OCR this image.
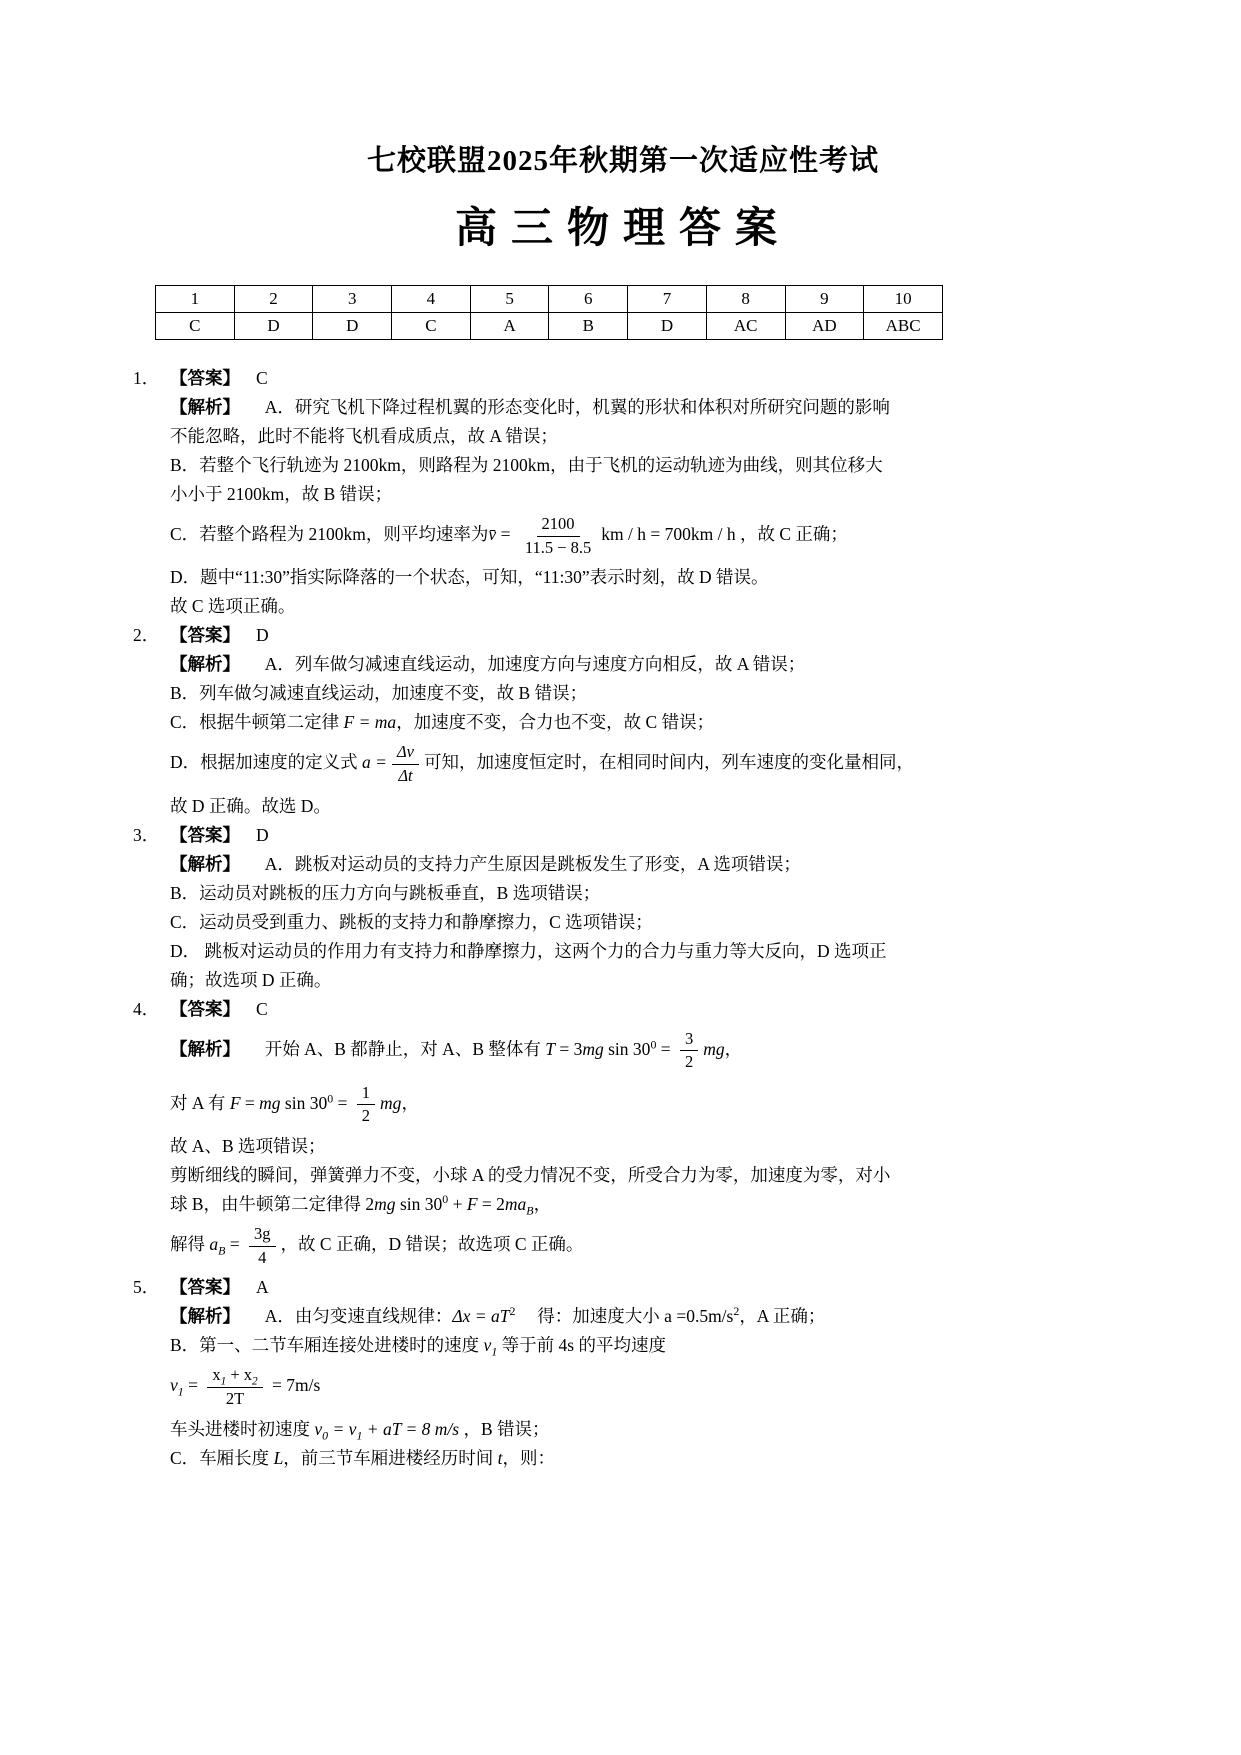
七校联盟2025年秋期第一次适应性考试
高三物理答案
1	2	3	4	5	6	7	8	9	10
C	D	D	C	A	B	D	AC	AD	ABC
1． 【答案】 C
【解析】　A．研究飞机下降过程机翼的形态变化时，机翼的形状和体积对所研究问题的影响
不能忽略，此时不能将飞机看成质点，故 A 错误；
B．若整个飞行轨迹为 2100km，则路程为 2100km，由于飞机的运动轨迹为曲线，则其位移大
小小于 2100km，故 B 错误；
C．若整个路程为 2100km，则平均速率为v̄ = $\frac{2100}{11.5 - 8.5}$ km / h = 700km / h ，故 C 正确；
D．题中“11:30”指实际降落的一个状态，可知，“11:30”表示时刻，故 D 错误。
故 C 选项正确。
2． 【答案】 D
【解析】　A．列车做匀减速直线运动，加速度方向与速度方向相反，故 A 错误；
B．列车做匀减速直线运动，加速度不变，故 B 错误；
C．根据牛顿第二定律 F = ma，加速度不变，合力也不变，故 C 错误；
D．根据加速度的定义式 $a = \frac{\Delta v}{\Delta t}$ 可知，加速度恒定时，在相同时间内，列车速度的变化量相同，
故 D 正确。故选 D。
3． 【答案】 D
【解析】　A．跳板对运动员的支持力产生原因是跳板发生了形变，A 选项错误；
B．运动员对跳板的压力方向与跳板垂直，B 选项错误；
C．运动员受到重力、跳板的支持力和静摩擦力，C 选项错误；
D． 跳板对运动员的作用力有支持力和静摩擦力，这两个力的合力与重力等大反向，D 选项正
确；故选项 D 正确。
4． 【答案】 C
【解析】　开始 A、B 都静止，对 A、B 整体有 T = 3mg $\sin 30^0 = \frac{3}{2}$ mg，
对 A 有 F = mg $\sin 30^0 = \frac{1}{2}$ mg，
故 A、B 选项错误；
剪断细线的瞬间，弹簧弹力不变，小球 A 的受力情况不变，所受合力为零，加速度为零，对小
球 B，由牛顿第二定律得 2mg $\sin 30^0 + F = 2ma_B$，
解得 $a_B = \frac{3g}{4}$ ，故 C 正确，D 错误；故选项 C 正确。
5． 【答案】 A
【解析】　A．由匀变速直线规律：$\Delta x = aT^2$　 得：加速度大小 $a =0.5m/s^2$，A 正确；
B．第一、二节车厢连接处进楼时的速度 $v_1$ 等于前 4s 的平均速度
$v_1 = \frac{x_1 + x_2}{2T} = 7m/s$
车头进楼时初速度 $v_0 = v_1$ + aT = 8 m/s ，B 错误；
C．车厢长度 L，前三节车厢进楼经历时间 t，则：
